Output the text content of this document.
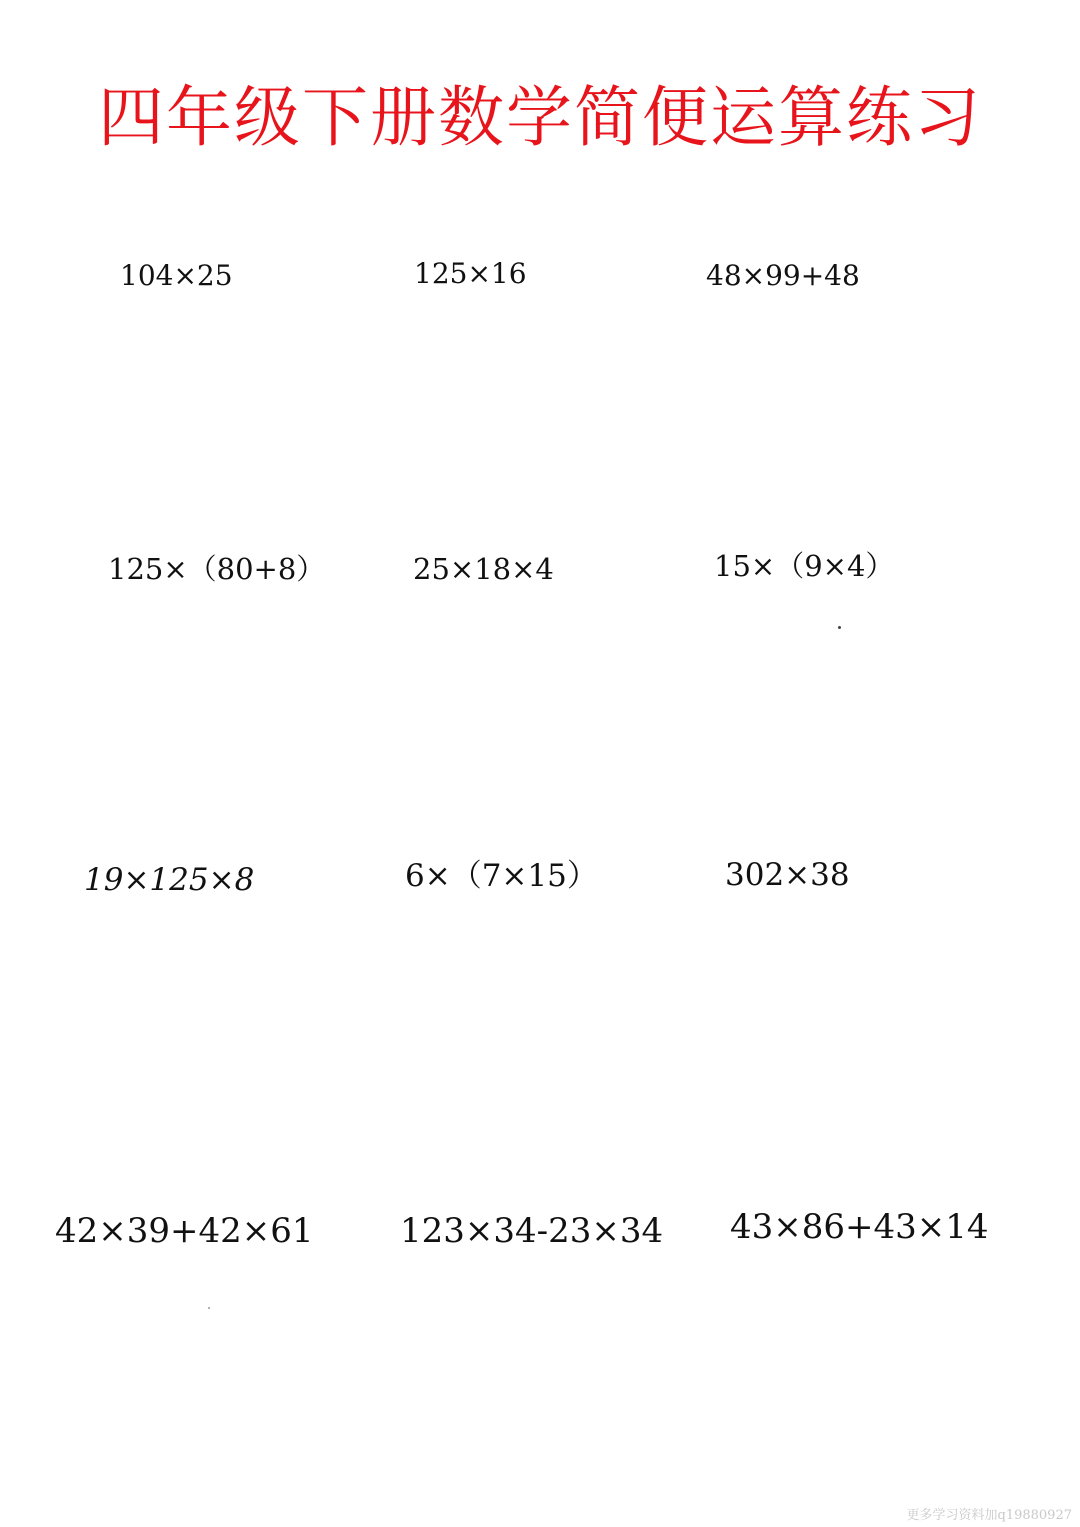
四年级下册数学简便运算练习
104×25	125×16	48×99+48
125×（80+8）	25×18×4	15×（9×4）
19×125×8	6×（7×15）	302×38
42×39+42×61	123×34-23×34 43×86+43×14
更多学习资料加q19880927
